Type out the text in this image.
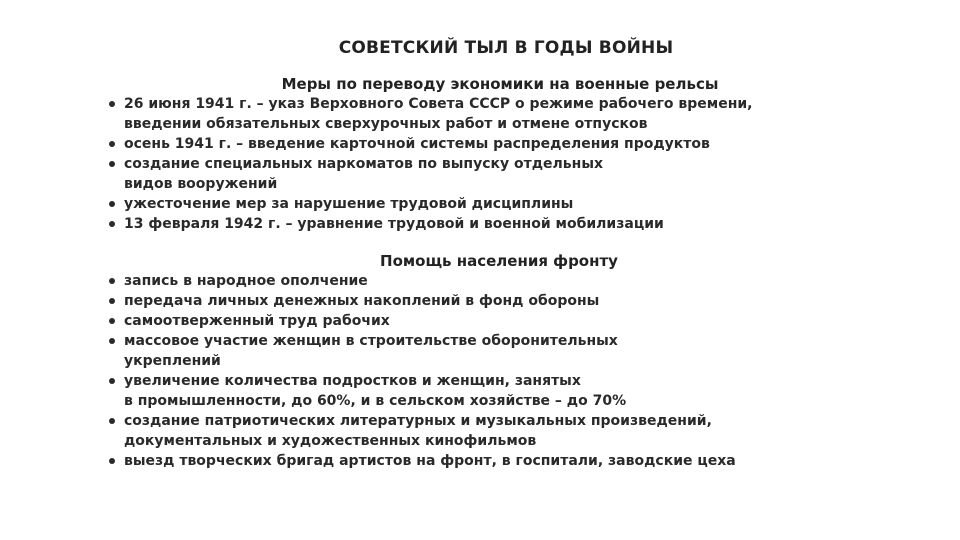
СОВЕТСКИЙ ТЫЛ В ГОДЫ ВОЙНЫ
Меры по переводу экономики на военные рельсы
26 июня 1941 г. – указ Верховного Совета СССР о режиме рабочего времени,
введении обязательных сверхурочных работ и отмене отпусков
осень 1941 г. – введение карточной системы распределения продуктов
создание специальных наркоматов по выпуску отдельных
видов вооружений
ужесточение мер за нарушение трудовой дисциплины
13 февраля 1942 г. – уравнение трудовой и военной мобилизации
Помощь населения фронту
запись в народное ополчение
передача личных денежных накоплений в фонд обороны
самоотверженный труд рабочих
массовое участие женщин в строительстве оборонительных
укреплений
увеличение количества подростков и женщин, занятых
в промышленности, до 60%, и в сельском хозяйстве – до 70%
создание патриотических литературных и музыкальных произведений,
документальных и художественных кинофильмов
выезд творческих бригад артистов на фронт, в госпитали, заводские цеха
